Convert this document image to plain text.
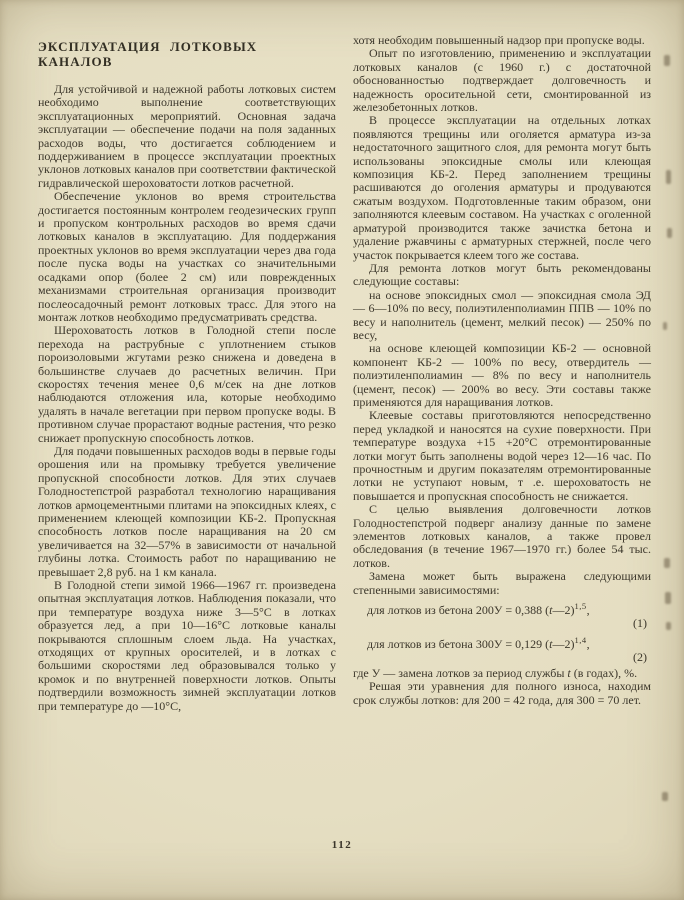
ЭКСПЛУАТАЦИЯ ЛОТКОВЫХ КАНАЛОВ

Для устойчивой и надежной работы лотковых систем необходимо выполнение соответствующих эксплуатационных мероприятий. Основная задача эксплуатации — обеспечение подачи на поля заданных расходов воды, что достигается соблюдением и поддерживанием в процессе эксплуатации проектных уклонов лотковых каналов при соответствии фактической гидравлической шероховатости лотков расчетной.

Обеспечение уклонов во время строительства достигается постоянным контролем геодезических групп и пропуском контрольных расходов во время сдачи лотковых каналов в эксплуатацию. Для поддержания проектных уклонов во время эксплуатации через два года после пуска воды на участках со значительными осадками опор (более 2 см) или поврежденных механизмами строительная организация производит послеосадочный ремонт лотковых трасс. Для этого на монтаж лотков необходимо предусматривать средства.

Шероховатость лотков в Голодной степи после перехода на раструбные с уплотнением стыков пороизоловыми жгутами резко снижена и доведена в большинстве случаев до расчетных величин. При скоростях течения менее 0,6 м/сек на дне лотков наблюдаются отложения ила, которые необходимо удалять в начале вегетации при первом пропуске воды. В противном случае прорастают водные растения, что резко снижает пропускную способность лотков.

Для подачи повышенных расходов воды в первые годы орошения или на промывку требуется увеличение пропускной способности лотков. Для этих случаев Голодностепстрой разработал технологию наращивания лотков армоцементными плитами на эпоксидных клеях, с применением клеющей композиции КБ-2. Пропускная способность лотков после наращивания на 20 см увеличивается на 32—57% в зависимости от начальной глубины лотка. Стоимость работ по наращиванию не превышает 2,8 руб. на 1 км канала.

В Голодной степи зимой 1966—1967 гг. произведена опытная эксплуатация лотков. Наблюдения показали, что при температуре воздуха ниже 3—5°С в лотках образуется лед, а при 10—16°С лотковые каналы покрываются сплошным слоем льда. На участках, отходящих от крупных оросителей, и в лотках с большими скоростями лед образовывался только у кромок и по внутренней поверхности лотков. Опыты подтвердили возможность зимней эксплуатации лотков при температуре до —10°С,

хотя необходим повышенный надзор при пропуске воды.

Опыт по изготовлению, применению и эксплуатации лотковых каналов (с 1960 г.) с достаточной обоснованностью подтверждает долговечность и надежность оросительной сети, смонтированной из железобетонных лотков.

В процессе эксплуатации на отдельных лотках появляются трещины или оголяется арматура из-за недостаточного защитного слоя, для ремонта могут быть использованы эпоксидные смолы или клеющая композиция КБ-2. Перед заполнением трещины расшиваются до оголения арматуры и продуваются сжатым воздухом. Подготовленные таким образом, они заполняются клеевым составом. На участках с оголенной арматурой производится также зачистка бетона и удаление ржавчины с арматурных стержней, после чего участок покрывается клеем того же состава.

Для ремонта лотков могут быть рекомендованы следующие составы:

на основе эпоксидных смол — эпоксидная смола ЭД — 6—10% по весу, полиэтиленполиамин ППВ — 10% по весу и наполнитель (цемент, мелкий песок) — 250% по весу,

на основе клеющей композиции КБ-2 — основной компонент КБ-2 — 100% по весу, отвердитель — полиэтиленполиамин — 8% по весу и наполнитель (цемент, песок) — 200% во весу. Эти составы также применяются для наращивания лотков.

Клеевые составы приготовляются непосредственно перед укладкой и наносятся на сухие поверхности. При температуре воздуха +15 +20°С отремонтированные лотки могут быть заполнены водой через 12—16 час. По прочностным и другим показателям отремонтированные лотки не уступают новым, т .е. шероховатость не повышается и пропускная способность не снижается.

С целью выявления долговечности лотков Голодностепстрой подверг анализу данные по замене элементов лотковых каналов, а также провел обследования (в течение 1967—1970 гг.) более 54 тыс. лотков.

Замена может быть выражена следующими степенными зависимостями:

для лотков из бетона 200У = 0,388 (t—2)$^{1,5}$,
(1)
для лотков из бетона 300У = 0,129 (t—2)$^{1,4}$,
(2)

где У — замена лотков за период службы t (в годах), %.

Решая эти уравнения для полного износа, находим срок службы лотков: для 200 = 42 года, для 300 = 70 лет.

112
